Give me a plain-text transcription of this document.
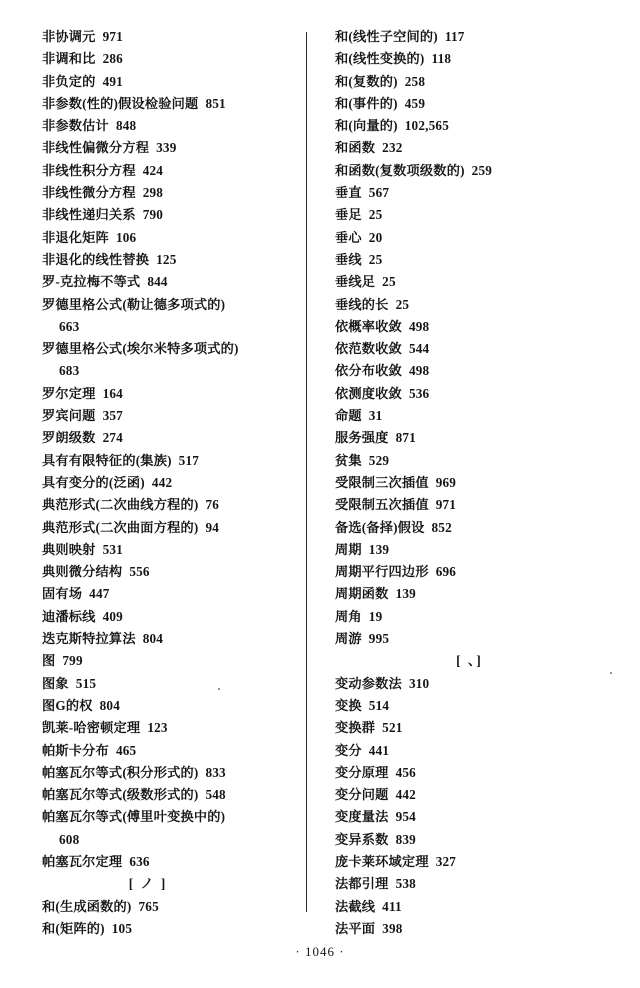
非协调元 971
非调和比 286
非负定的 491
非参数(性的)假设检验问题 851
非参数估计 848
非线性偏微分方程 339
非线性积分方程 424
非线性微分方程 298
非线性递归关系 790
非退化矩阵 106
非退化的线性替换 125
罗-克拉梅不等式 844
罗德里格公式(勒让德多项式的)
663
罗德里格公式(埃尔米特多项式的)
683
罗尔定理 164
罗宾问题 357
罗朗级数 274
具有有限特征的(集族) 517
具有变分的(泛函) 442
典范形式(二次曲线方程的) 76
典范形式(二次曲面方程的) 94
典则映射 531
典则微分结构 556
固有场 447
迪潘标线 409
迭克斯特拉算法 804
图 799
图象 515
图G的权 804
凯莱-哈密顿定理 123
帕斯卡分布 465
帕塞瓦尔等式(积分形式的) 833
帕塞瓦尔等式(级数形式的) 548
帕塞瓦尔等式(傅里叶变换中的)
608
帕塞瓦尔定理 636
[ ノ ]
和(生成函数的) 765
和(矩阵的) 105
和(线性子空间的) 117
和(线性变换的) 118
和(复数的) 258
和(事件的) 459
和(向量的) 102,565
和函数 232
和函数(复数项级数的) 259
垂直 567
垂足 25
垂心 20
垂线 25
垂线足 25
垂线的长 25
依概率收敛 498
依范数收敛 544
依分布收敛 498
依测度收敛 536
命题 31
服务强度 871
贫集 529
受限制三次插值 969
受限制五次插值 971
备选(备择)假设 852
周期 139
周期平行四边形 696
周期函数 139
周角 19
周游 995
[ 、]
变动参数法 310
变换 514
变换群 521
变分 441
变分原理 456
变分问题 442
变度量法 954
变异系数 839
庞卡莱环域定理 327
法都引理 538
法截线 411
法平面 398
· 1046 ·
